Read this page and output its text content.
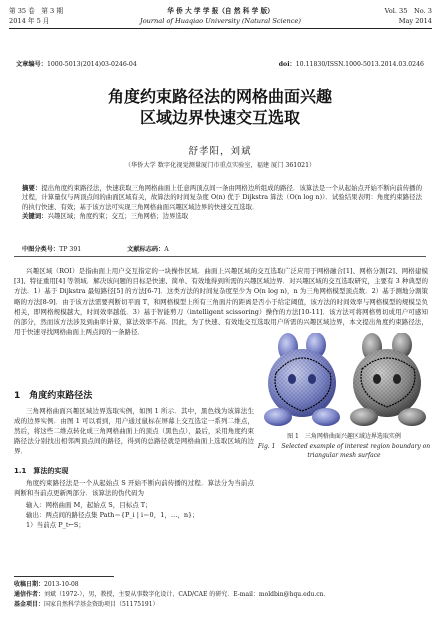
第 35 卷　第 3 期
2014 年 5 月
华 侨 大 学 学 报（自 然 科 学 版）
Journal of Huaqiao University (Natural Science)
Vol. 35　No. 3
May 2014
文章编号：1000-5013(2014)03-0246-04	doi：10.11830/ISSN.1000-5013.2014.03.0246
角度约束路径法的网格曲面兴趣
区域边界快速交互选取
舒孝阳，刘斌
（华侨大学 数字化视觉测量厦门市重点实验室，福建 厦门 361021）
摘要：提出角度约束路径法，快速获取三角网格曲面上任意两顶点间一条由网格边所组成的路径．该算法是一个从起始点开始不断向前传播的过程，计算量仅与两顶点间的曲面区域有关，故算法的时间复杂度 O(n) 优于 Dijkstra 算法（O(n log n)）．试验结果表明：角度约束路径法的执行快速、有效；基于该方法可实现三角网格曲面兴趣区域边界的快速交互选取．
关键词：兴趣区域；角度约束；交互；三角网格；边界选取
中图分类号：TP 391	文献标志码：A
兴趣区域（ROI）是指曲面上用户交互指定的一块操作区域．曲面上兴趣区域的交互选取广泛应用于网格融合[1]、网格分割[2]、网格建模[3]、特征重用[4] 等领域．解决该问题的目标是快速、简单、有效地得到所需的兴趣区域边界．对兴趣区域的交互选取研究，主要有 3 种典型的方法．1）基于 Dijkstra 最短路径[5] 的方法[6-7]．这类方法的时间复杂度至少为 O(n log n)，n 为三角网格模型顶点数．2）基于测地分割策略的方法[8-9]．由于该方法需要判断切平面 T，和网格模型上所有三角面片的距离是否小于给定阈值，该方法的时间效率与网格模型的规模呈负相关，即网格规模越大，时间效率越低．3）基于智能剪刀（intelligent scissoring）操作的方法[10-11]．该方法可将网格剪切成用户可感知的部分，然而该方法涉及到曲率计算，算法效率不高．因此，为了快速、有效地交互选取用户所需的兴趣区域边界，本文提出角度约束路径法，用于快速寻找网格曲面上两点间的一条路径．
图 1　三角网格曲面兴趣区域边界选取实例
Fig. 1　Selected example of interest region boundary on triangular mesh surface
1　角度约束路径法
三角网格曲面兴趣区域边界选取实例，如图 1 所示．其中，黑色线为该算法生成的边界实例．由图 1 可以看到，用户通过鼠标在屏幕上交互选定一系列二维点，然后，将这些二维点转化成三角网格曲面上的顶点（黑色点），最后，采用角度约束路径法分别找出相邻两顶点间的路径，得到的总路径就是网格曲面上选取区域的边界．
1.1　算法的实现
角度约束路径法是一个从起始点 S 开始不断向前传播的过程．算法分为当前点判断和当前点更新两部分．该算法的伪代码为
输入：网格曲面 M，起始点 S，目标点 T；
输出：两点间的路径点集 Path＝{P_i | i＝0，1，…，n}；
1）当前点 P_t←S；
收稿日期：2013-10-08
通信作者：刘斌（1972-），男，教授，主要从事数字化设计、CAD/CAE 的研究．E-mail：moldbin@hqu.edu.cn．
基金项目：国家自然科学基金资助项目（51175191）
